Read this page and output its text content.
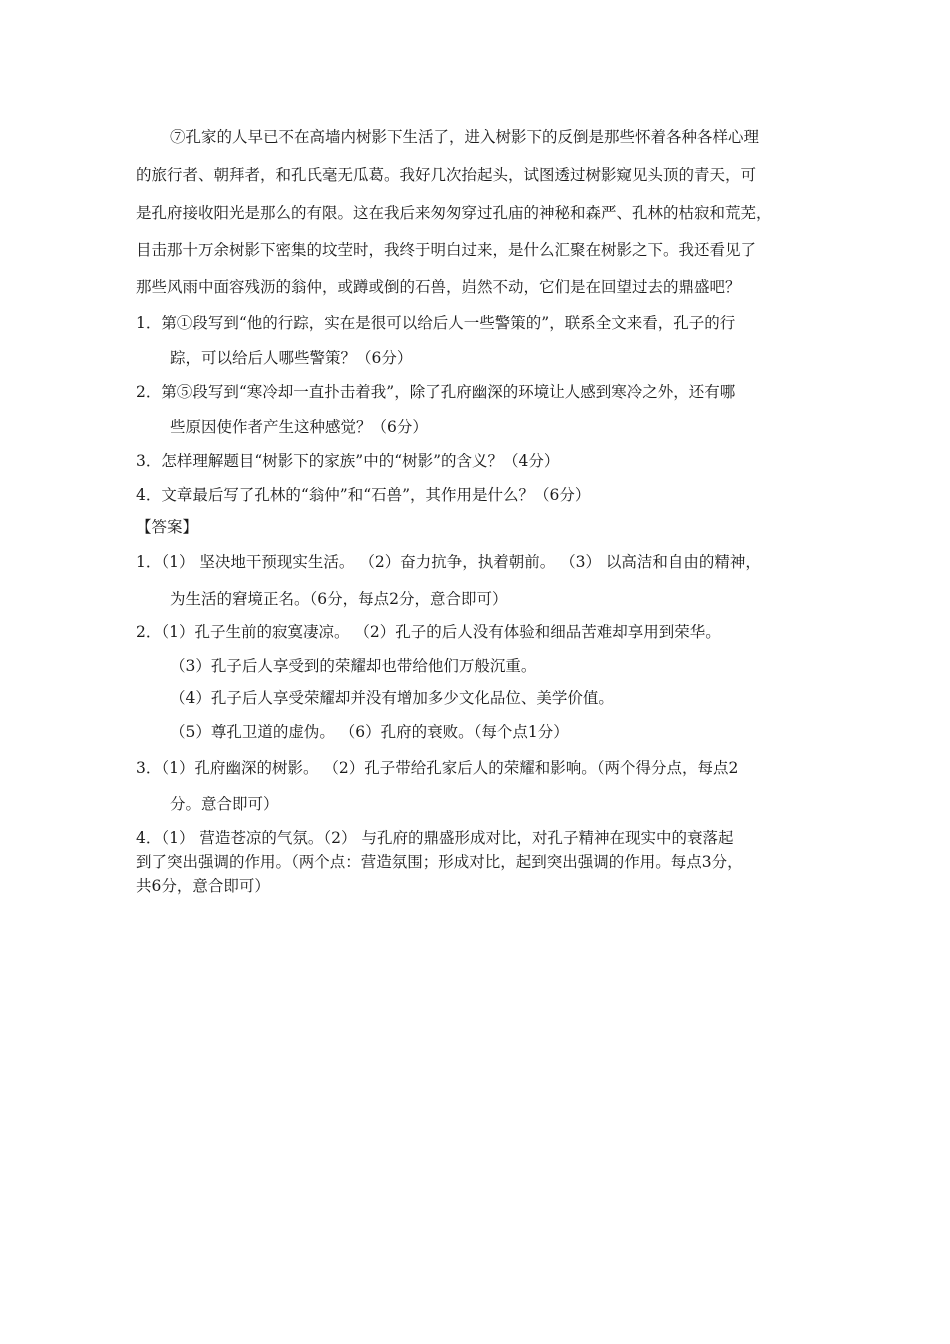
⑦孔家的人早已不在高墙内树影下生活了，进入树影下的反倒是那些怀着各种各样心理
的旅行者、朝拜者，和孔氏毫无瓜葛。我好几次抬起头，试图透过树影窥见头顶的青天，可
是孔府接收阳光是那么的有限。这在我后来匆匆穿过孔庙的神秘和森严、孔林的枯寂和荒芜，
目击那十万余树影下密集的坟茔时，我终于明白过来，是什么汇聚在树影之下。我还看见了
那些风雨中面容残沥的翁仲，或蹲或倒的石兽，岿然不动，它们是在回望过去的鼎盛吧？
1．第①段写到“他的行踪，实在是很可以给后人一些警策的”，联系全文来看，孔子的行
踪，可以给后人哪些警策？（6分）
2．第⑤段写到“寒冷却一直扑击着我”，除了孔府幽深的环境让人感到寒冷之外，还有哪
些原因使作者产生这种感觉？（6分）
3．怎样理解题目“树影下的家族”中的“树影”的含义？（4分）
4．文章最后写了孔林的“翁仲”和“石兽”，其作用是什么？（6分）
【答案】
1．（1） 坚决地干预现实生活。 （2）奋力抗争，执着朝前。 （3） 以高洁和自由的精神，
为生活的窘境正名。（6分，每点2分，意合即可）
2．（1）孔子生前的寂寞凄凉。 （2）孔子的后人没有体验和细品苦难却享用到荣华。
（3）孔子后人享受到的荣耀却也带给他们万般沉重。
（4）孔子后人享受荣耀却并没有增加多少文化品位、美学价值。
（5）尊孔卫道的虚伪。 （6）孔府的衰败。（每个点1分）
3．（1）孔府幽深的树影。 （2）孔子带给孔家后人的荣耀和影响。（两个得分点，每点2
分。意合即可）
4．（1） 营造苍凉的气氛。（2） 与孔府的鼎盛形成对比，对孔子精神在现实中的衰落起
到了突出强调的作用。（两个点：营造氛围；形成对比，起到突出强调的作用。每点3分，
共6分，意合即可）
